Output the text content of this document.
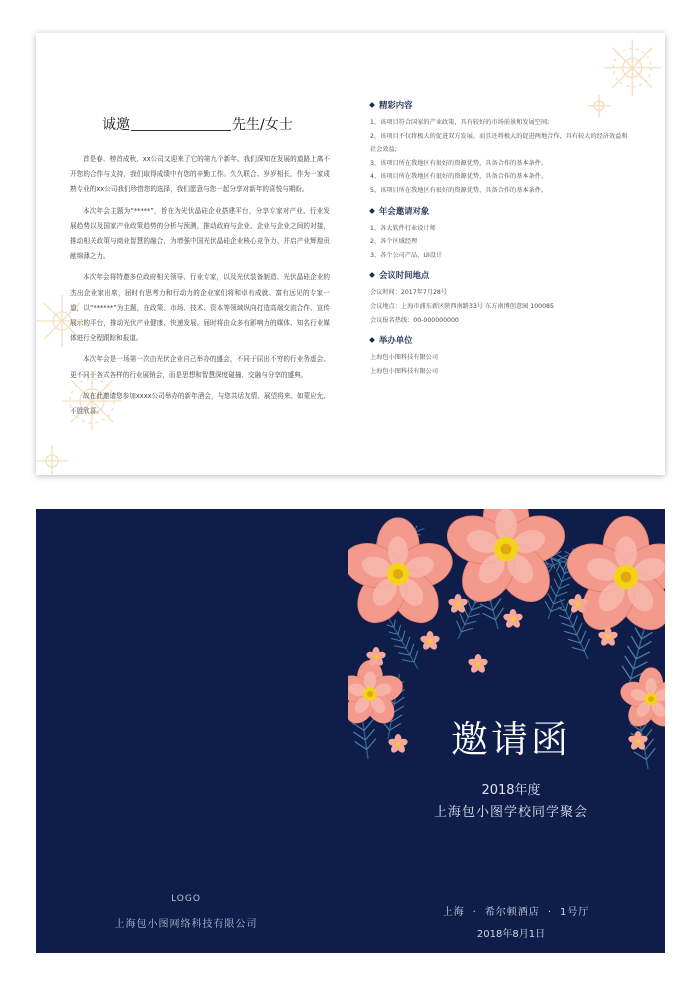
诚邀	先生/女士

首是春、榜首成秋，xx公司又迎来了它的第九个新年。我们深知在发展的道路上离不开您的合作与支持，我们取得成绩中有您的辛勤工作。久久联合、岁岁相长，作为一家成熟专业的xx公司我们珍惜您的选择，我们愿意与您一起分享对新年的喜悦与期盼。

本次年会主题为“*****”，旨在为光伏晶硅企业搭建平台，分享专家对产业、行业发展趋势以及国家产业政策趋势的分析与预测，推动政府与企业、企业与企业之间的对接，推动相关政策与商业智慧的融合，为增强中国光伏晶硅企业核心竞争力、并启产业辉煌贡献绵薄之力。

本次年会将特邀多位政府相关领导、行业专家，以及光伏装备制造、光伏晶硅企业的杰出企业家出席，届时有思考力和行动力的企业家们将和卓有成就、富有远见的专家一道，以“******”为主题，在政策、市场、技术、资本等领域纵向打造高端交流合作、宣传展示的平台，推动光伏产业健康、快速发展。届时将由众多有影响力的媒体、知名行业媒体进行全程跟踪和报道。

本次年会是一场第一次由光伏企业自己举办的盛会，不同于屈出不穷的行业务虚会、更不同于各式各样的行业展销会，而是思想和智慧深度碰撞、交融与分享的盛典。

故在此邀请您参加xxxx公司举办的新年酒会，与您共话友情、展望将来。如蒙应允、不胜欣喜。

精彩内容
1、该项目符合国家的产业政策，具有较好的市场前景和发展空间;
2、该项目不仅将极大的促进双方发展，而且还将极大的促进两地合作，具有较大的经济效益和社会效益;
3、该项目所在我地区有很好的资源优势，具备合作的基本条件。
4、该项目所在我地区有很好的资源优势，具备合作的基本条件。
5、该项目所在我地区有很好的资源优势，具备合作的基本条件。
年会邀请对象
1、各大软件行业设计师
2、各个区域经理
3、各个公司产品、UI设计
会议时间地点
会议时间：2017年7月28号
会议地点：上海市浦东新区陕西南路33号 东方南博创意园 100085
会议报名热线：00-000000000
举办单位
上海包小图科技有限公司
上海包小图科技有限公司
邀请函
2018年度
上海包小图学校同学聚会
LOGO
上海包小图网络科技有限公司
上海 · 希尔顿酒店 · 1号厅
2018年8月1日
